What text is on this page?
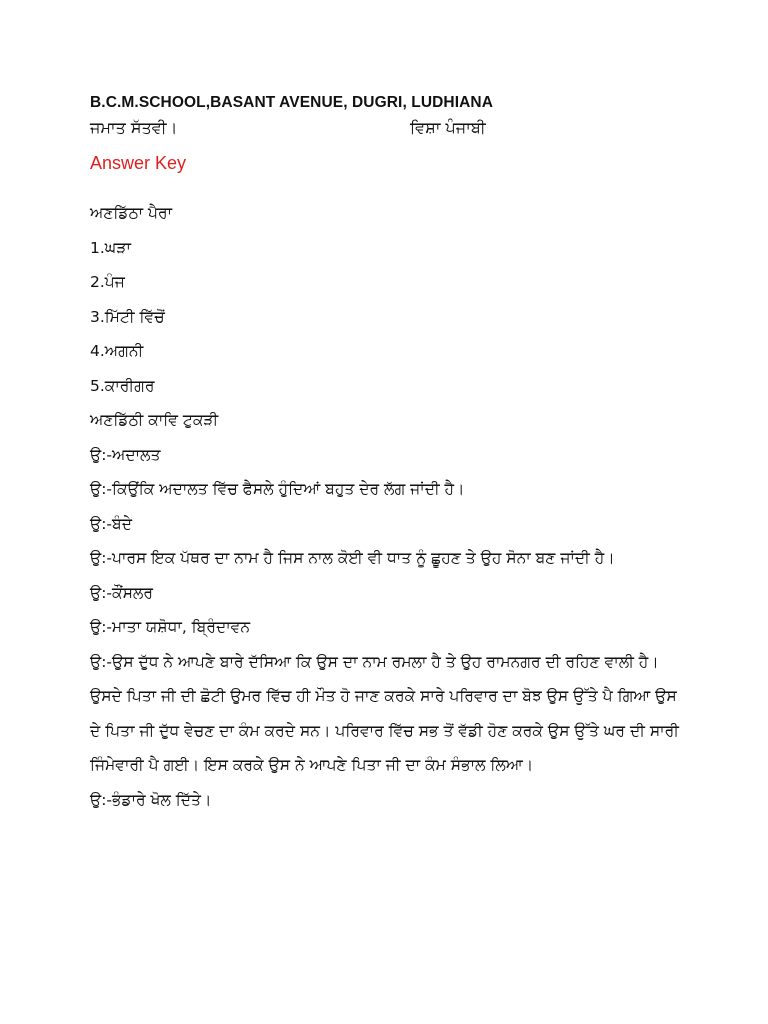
B.C.M.SCHOOL,BASANT AVENUE, DUGRI, LUDHIANA

ਜਮਾਤ ਸੱਤਵੀ।	ਵਿਸ਼ਾ ਪੰਜਾਬੀ
Answer Key

ਅਣਡਿੱਠਾ ਪੈਰਾ

1.ਘੜਾ

2.ਪੰਜ

3.ਮਿੱਟੀ ਵਿੱਚੋਂ

4.ਅਗਨੀ

5.ਕਾਰੀਗਰ

ਅਣਡਿੱਠੀ ਕਾਵਿ ਟੁਕੜੀ

ਉ:-ਅਦਾਲਤ

ਉ:-ਕਿਉਂਕਿ ਅਦਾਲਤ ਵਿੱਚ ਫੈਸਲੇ ਹੁੰਦਿਆਂ ਬਹੁਤ ਦੇਰ ਲੱਗ ਜਾਂਦੀ ਹੈ।

ਉ:-ਬੰਦੇ

ਉ:-ਪਾਰਸ ਇਕ ਪੱਥਰ ਦਾ ਨਾਮ ਹੈ ਜਿਸ ਨਾਲ ਕੋਈ ਵੀ ਧਾਤ ਨੂੰ ਛੂਹਣ ਤੇ ਉਹ ਸੋਨਾ ਬਣ ਜਾਂਦੀ ਹੈ।

ਉ:-ਕੌਂਸਲਰ

ਉ:-ਮਾਤਾ ਯਸ਼ੋਧਾ, ਬ੍ਰਿੰਦਾਵਨ

ਉ:-ਉਸ ਦੁੱਧ ਨੇ ਆਪਣੇ ਬਾਰੇ ਦੱਸਿਆ ਕਿ ਉਸ ਦਾ ਨਾਮ ਰਮਲਾ ਹੈ ਤੇ ਉਹ ਰਾਮਨਗਰ ਦੀ ਰਹਿਣ ਵਾਲੀ ਹੈ। ਉਸਦੇ ਪਿਤਾ ਜੀ ਦੀ ਛੋਟੀ ਉਮਰ ਵਿੱਚ ਹੀ ਮੌਤ ਹੋ ਜਾਣ ਕਰਕੇ ਸਾਰੇ ਪਰਿਵਾਰ ਦਾ ਬੋਝ ਉਸ ਉੱਤੇ ਪੈ ਗਿਆ ਉਸ ਦੇ ਪਿਤਾ ਜੀ ਦੁੱਧ ਵੇਚਣ ਦਾ ਕੰਮ ਕਰਦੇ ਸਨ। ਪਰਿਵਾਰ ਵਿੱਚ ਸਭ ਤੋਂ ਵੱਡੀ ਹੋਣ ਕਰਕੇ ਉਸ ਉੱਤੇ ਘਰ ਦੀ ਸਾਰੀ ਜਿੰਮੇਵਾਰੀ ਪੈ ਗਈ। ਇਸ ਕਰਕੇ ਉਸ ਨੇ ਆਪਣੇ ਪਿਤਾ ਜੀ ਦਾ ਕੰਮ ਸੰਭਾਲ ਲਿਆ।

ਉ:-ਭੰਡਾਰੇ ਖੋਲ ਦਿੱਤੇ।
